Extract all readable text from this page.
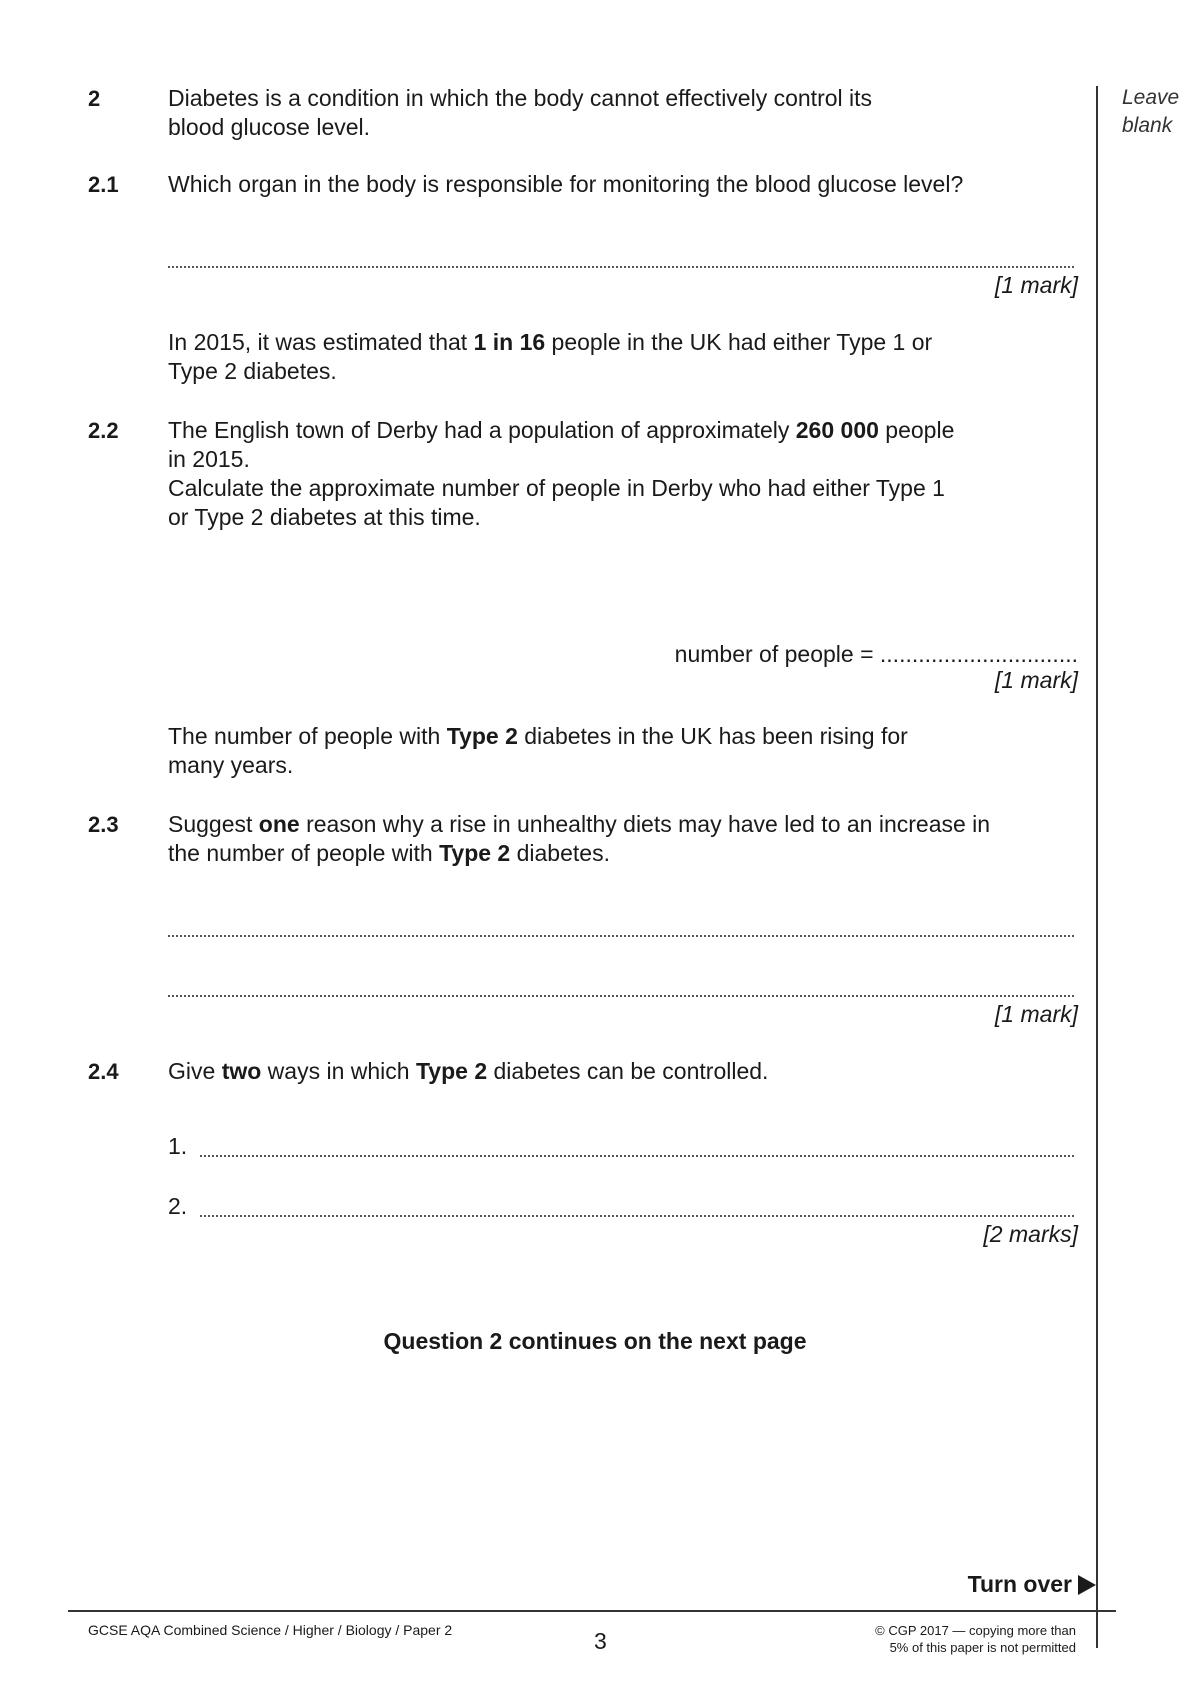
Leave
blank
2	Diabetes is a condition in which the body cannot effectively control its
blood glucose level.
2.1 Which organ in the body is responsible for monitoring the blood glucose level?
[1 mark]
In 2015, it was estimated that 1 in 16 people in the UK had either Type 1 or
Type 2 diabetes.
2.2 The English town of Derby had a population of approximately 260 000 people
in 2015.
Calculate the approximate number of people in Derby who had either Type 1
or Type 2 diabetes at this time.
number of people = ...............................
[1 mark]
The number of people with Type 2 diabetes in the UK has been rising for
many years.
2.3 Suggest one reason why a rise in unhealthy diets may have led to an increase in
the number of people with Type 2 diabetes.
[1 mark]
2.4 Give two ways in which Type 2 diabetes can be controlled.
1.
2.
[2 marks]
Question 2 continues on the next page
Turn over
GCSE AQA Combined Science / Higher / Biology / Paper 2	3	© CGP 2017 — copying more than
5% of this paper is not permitted
